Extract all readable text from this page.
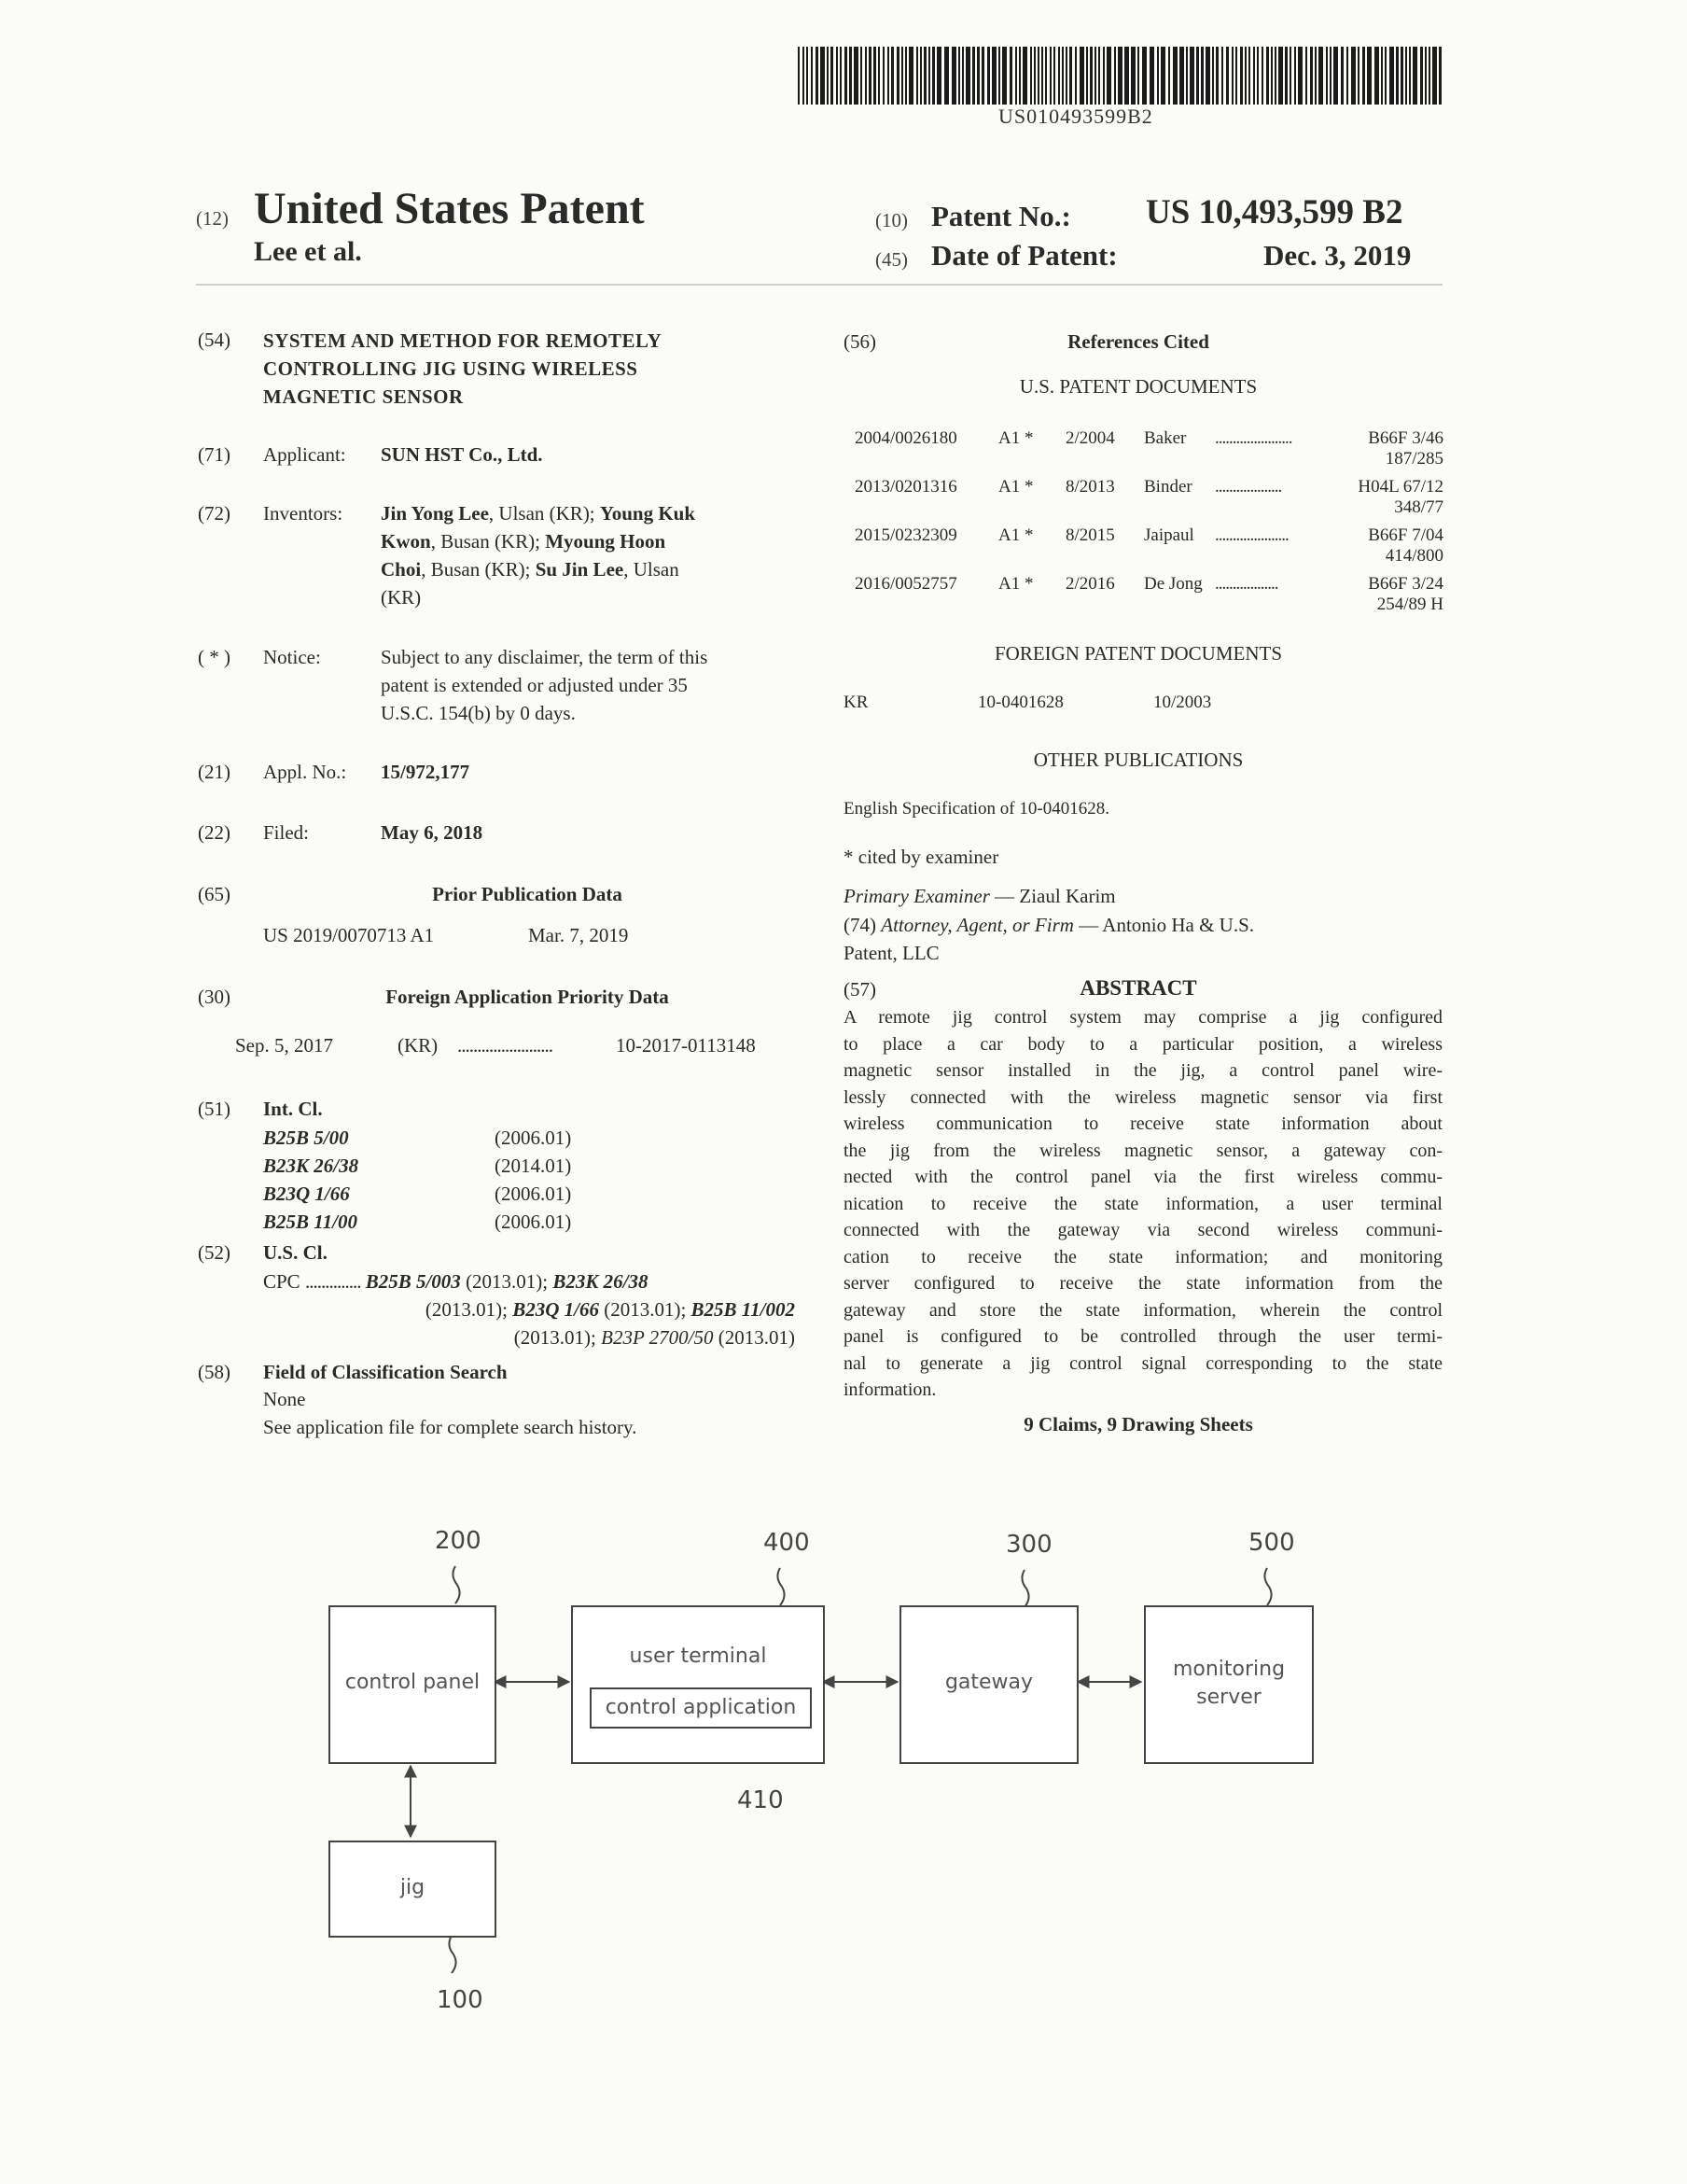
US010493599B2
(12) United States Patent
Lee et al.
(10) Patent No.: US 10,493,599 B2
(45) Date of Patent:	Dec. 3, 2019
(54) SYSTEM AND METHOD FOR REMOTELY
CONTROLLING JIG USING WIRELESS
MAGNETIC SENSOR
(71) Applicant: SUN HST Co., Ltd.
(72) Inventors: Jin Yong Lee, Ulsan (KR); Young Kuk
Kwon, Busan (KR); Myoung Hoon
Choi, Busan (KR); Su Jin Lee, Ulsan
(KR)
( * ) Notice:	Subject to any disclaimer, the term of this
patent is extended or adjusted under 35
U.S.C. 154(b) by 0 days.
(21) Appl. No.: 15/972,177
(22) Filed:	May 6, 2018
(65)	Prior Publication Data
US 2019/0070713 A1	Mar. 7, 2019
(30)	Foreign Application Priority Data
Sep. 5, 2017	(KR) ........................	10-2017-0113148
(51) Int. Cl.
B25B 5/00	(2006.01)
B23K 26/38	(2014.01)
B23Q 1/66	(2006.01)
B25B 11/00	(2006.01)
(52) U.S. Cl.
CPC .............. B25B 5/003 (2013.01); B23K 26/38
(2013.01); B23Q 1/66 (2013.01); B25B 11/002
(2013.01); B23P 2700/50 (2013.01)
(58) Field of Classification Search
None
See application file for complete search history.
(56)	References Cited
U.S. PATENT DOCUMENTS
2004/0026180 A1 * 2/2004 Baker ......................	B66F 3/46
187/285
2013/0201316 A1 * 8/2013 Binder ...................	H04L 67/12
348/77
2015/0232309 A1 * 8/2015 Jaipaul .....................	B66F 7/04
414/800
2016/0052757 A1 * 2/2016 De Jong ..................	B66F 3/24
254/89 H
FOREIGN PATENT DOCUMENTS
KR	10-0401628	10/2003
OTHER PUBLICATIONS
English Specification of 10-0401628.
* cited by examiner
Primary Examiner — Ziaul Karim
(74) Attorney, Agent, or Firm — Antonio Ha & U.S.
Patent, LLC
(57)	ABSTRACT
A remote jig control system may comprise a jig configured
to place a car body to a particular position, a wireless
magnetic sensor installed in the jig, a control panel wire-
lessly connected with the wireless magnetic sensor via first
wireless communication to receive state information about
the jig from the wireless magnetic sensor, a gateway con-
nected with the control panel via the first wireless commu-
nication to receive the state information, a user terminal
connected with the gateway via second wireless communi-
cation to receive the state information; and monitoring
server configured to receive the state information from the
gateway and store the state information, wherein the control
panel is configured to be controlled through the user termi-
nal to generate a jig control signal corresponding to the state
information.
9 Claims, 9 Drawing Sheets
control panel
user terminal
control application
gateway
monitoring
server
jig
200	400	300	500
410
100
